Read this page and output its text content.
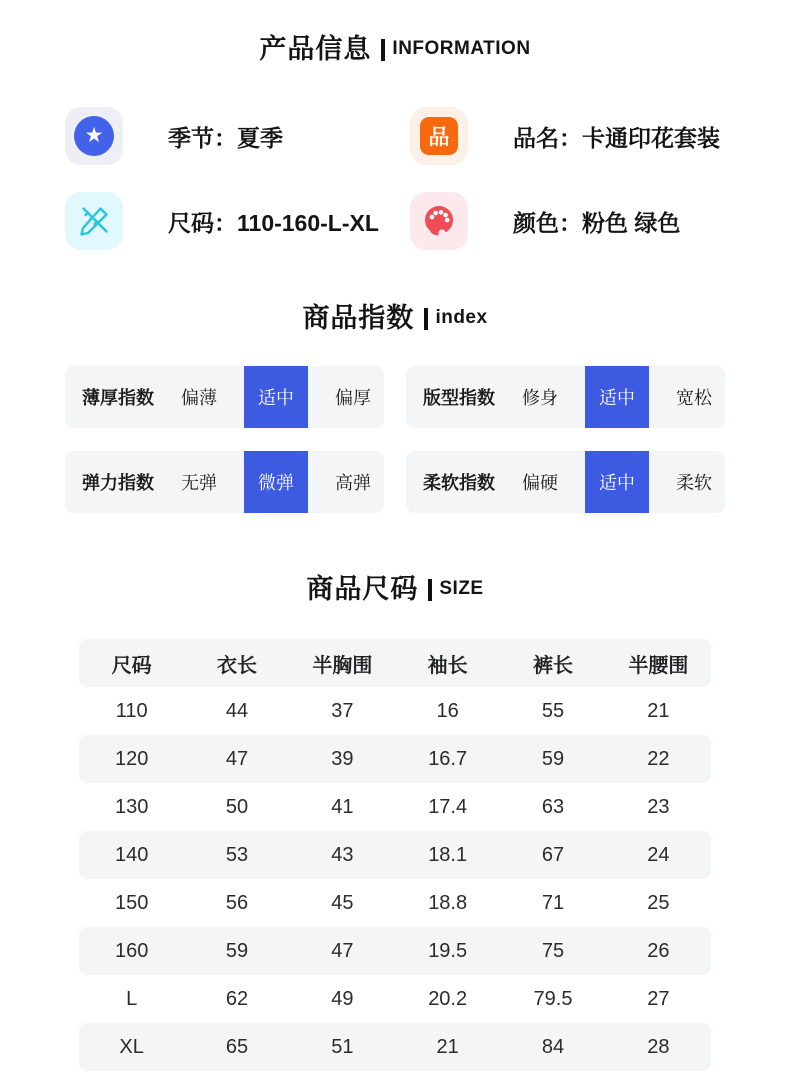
产品信息 INFORMATION
★	季节：夏季	品	品名：卡通印花套装
尺码：110-160-L-XL	颜色：粉色 绿色
商品指数 index
薄厚指数 偏薄	适中	偏厚	版型指数 修身	适中	宽松
弹力指数 无弹	微弹	高弹	柔软指数 偏硬	适中	柔软
商品尺码 SIZE
尺码	衣长	半胸围	袖长	裤长	半腰围
110	44	37	16	55	21
120	47	39	16.7	59	22
130	50	41	17.4	63	23
140	53	43	18.1	67	24
150	56	45	18.8	71	25
160	59	47	19.5	75	26
L	62	49	20.2	79.5	27
XL	65	51	21	84	28
